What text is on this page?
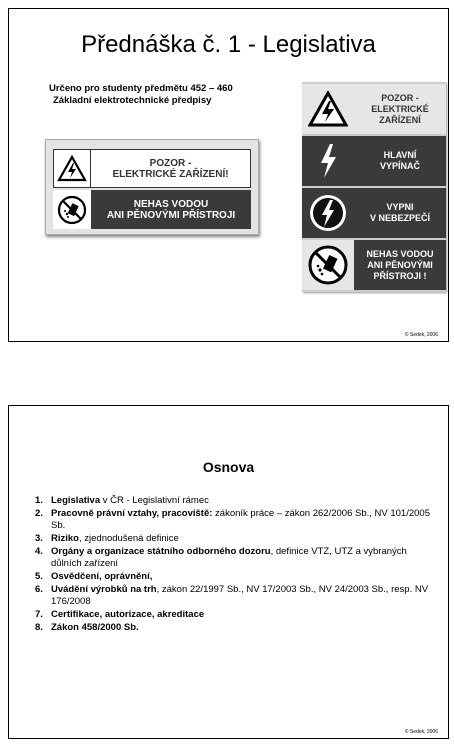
Přednáška č. 1 - Legislativa
Určeno pro studenty předmětu 452 – 460
Základní elektrotechnické předpisy
POZOR -
ELEKTRICKÉ ZAŘÍZENÍ!
NEHAS VODOU
ANI PĚNOVÝMI PŘÍSTROJI
POZOR -
ELEKTRICKÉ
ZAŘÍZENÍ
HLAVNÍ
VYPÍNAČ
VYPNI
V NEBEZPEČÍ
NEHAS VODOU
ANI PĚNOVÝMI
PŘÍSTROJI !
© Sedek, 2006
Osnova
1. Legislativa v ČR - Legislativní rámec
2. Pracovně právní vztahy, pracoviště: zákoník práce – zákon 262/2006 Sb., NV 101/2005 Sb.
3. Riziko, zjednodušená definice
4. Orgány a organizace státního odborného dozoru, definice VTZ, UTZ a vybraných důlních zařízení
5. Osvědčení, oprávnění,
6. Uvádění výrobků na trh, zákon 22/1997 Sb., NV 17/2003 Sb., NV 24/2003 Sb., resp. NV 176/2008
7. Certifikace, autorizace, akreditace
8. Zákon 458/2000 Sb.
© Sedek, 2006
